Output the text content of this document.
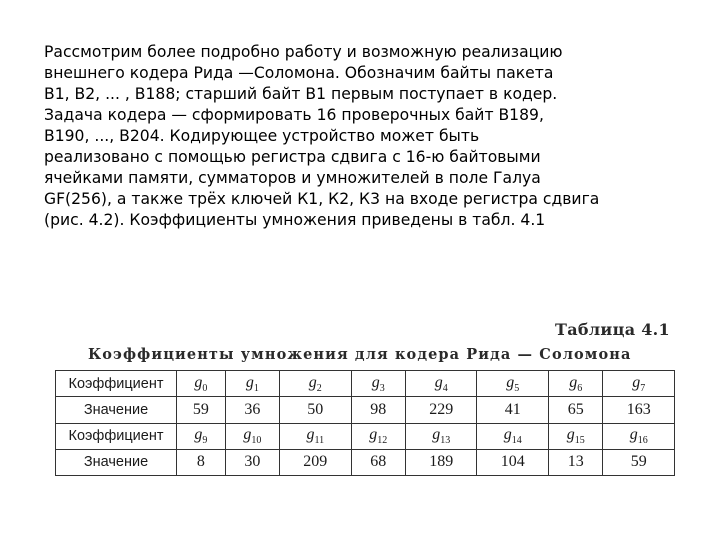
Рассмотрим более подробно работу и возможную реализацию
внешнего кодера Рида —Соломона. Обозначим байты пакета
B1, B2, ... , B188; старший байт B1 первым поступает в кодер.
Задача кодера — сформировать 16 проверочных байт B189,
B190, ..., B204. Кодирующее устройство может быть
реализовано с помощью регистра сдвига с 16-ю байтовыми
ячейками памяти, сумматоров и умножителей в поле Галуа
GF(256), а также трёх ключей К1, К2, К3 на входе регистра сдвига
(рис. 4.2). Коэффициенты умножения приведены в табл. 4.1
Таблица 4.1
Коэффициенты умножения для кодера Рида — Соломона
Коэффициент	$g_0$	$g_1$	$g_2$	$g_3$	$g_4$	$g_5$	$g_6$	$g_7$
Значение	59	36	50	98	229	41	65	163
Коэффициент	$g_9$	$g_{10}$	$g_{11}$	$g_{12}$	$g_{13}$	$g_{14}$	$g_{15}$	$g_{16}$
Значение	8	30	209	68	189	104	13	59
